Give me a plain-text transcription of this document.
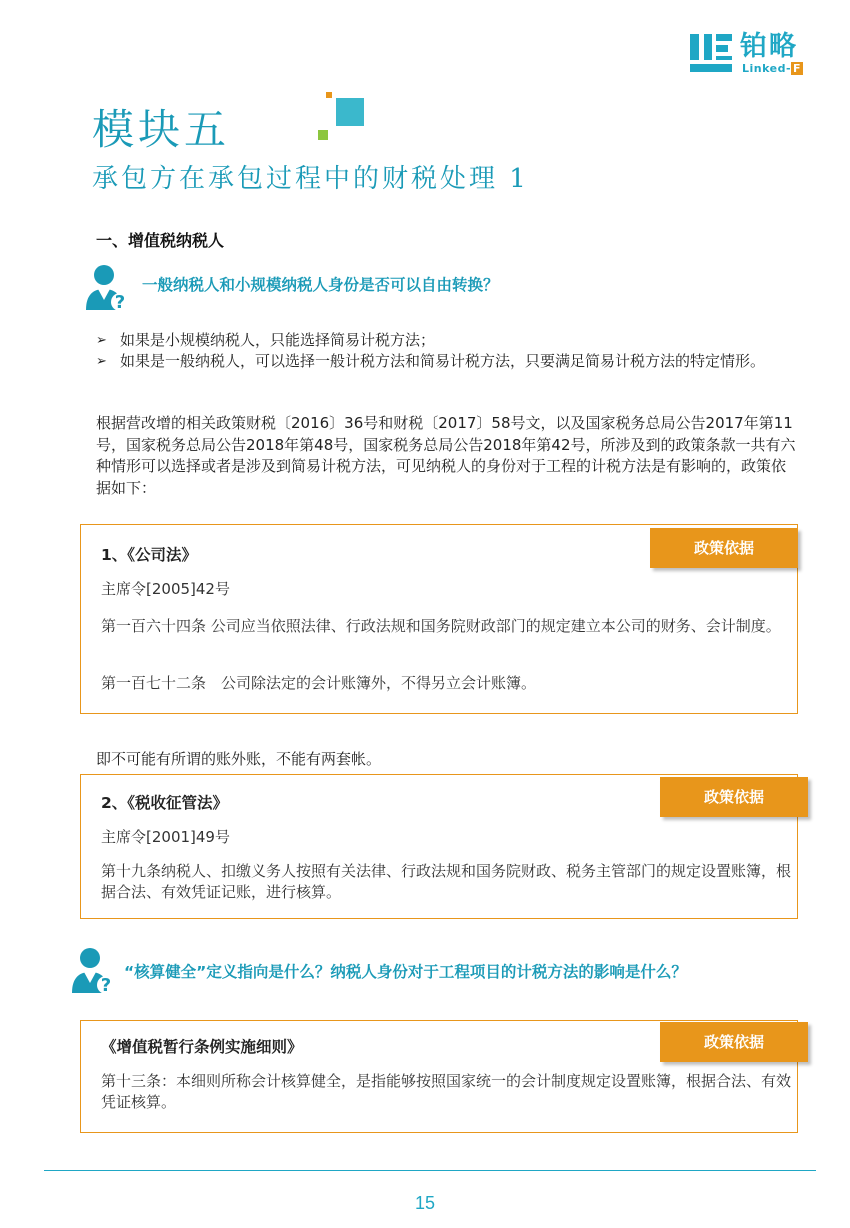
铂略
Linked- F
模块五
承包方在承包过程中的财税处理 1
一、增值税纳税人
?
一般纳税人和小规模纳税人身份是否可以自由转换？
➢ 如果是小规模纳税人，只能选择简易计税方法；
➢ 如果是一般纳税人，可以选择一般计税方法和简易计税方法，只要满足简易计税方法的特定情形。
根据营改增的相关政策财税〔2016〕36号和财税〔2017〕58号文，以及国家税务总局公告2017年第11号，国家税务总局公告2018年第48号，国家税务总局公告2018年第42号，所涉及到的政策条款一共有六种情形可以选择或者是涉及到简易计税方法，可见纳税人的身份对于工程的计税方法是有影响的，政策依据如下：
1、《公司法》
主席令[2005]42号
第一百六十四条 公司应当依照法律、行政法规和国务院财政部门的规定建立本公司的财务、会计制度。
第一百七十二条　公司除法定的会计账簿外，不得另立会计账簿。
政策依据
即不可能有所谓的账外账，不能有两套帐。
2、《税收征管法》
主席令[2001]49号
第十九条纳税人、扣缴义务人按照有关法律、行政法规和国务院财政、税务主管部门的规定设置账簿，根据合法、有效凭证记账，进行核算。
政策依据
?
“核算健全”定义指向是什么？纳税人身份对于工程项目的计税方法的影响是什么？
《增值税暂行条例实施细则》
第十三条：本细则所称会计核算健全，是指能够按照国家统一的会计制度规定设置账簿，根据合法、有效凭证核算。
政策依据
15
